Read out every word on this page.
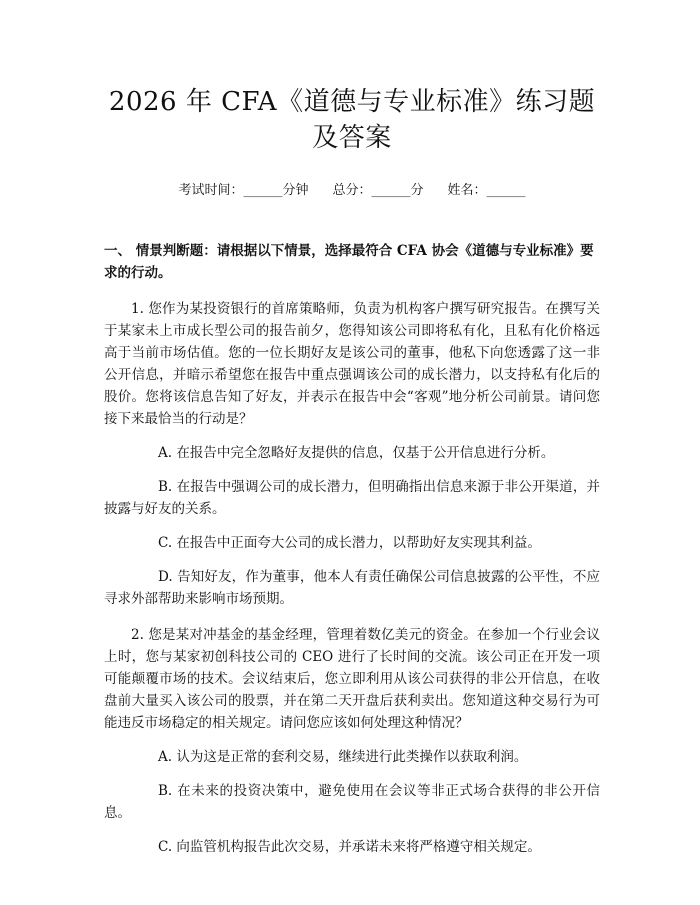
2026 年 CFA《道德与专业标准》练习题及答案
考试时间：______分钟 总分：______分 姓名：______
一、 情景判断题：请根据以下情景，选择最符合 CFA 协会《道德与专业标准》要求的行动。

1. 您作为某投资银行的首席策略师，负责为机构客户撰写研究报告。在撰写关于某家未上市成长型公司的报告前夕，您得知该公司即将私有化，且私有化价格远高于当前市场估值。您的一位长期好友是该公司的董事，他私下向您透露了这一非公开信息，并暗示希望您在报告中重点强调该公司的成长潜力，以支持私有化后的股价。您将该信息告知了好友，并表示在报告中会“客观”地分析公司前景。请问您接下来最恰当的行动是？

A. 在报告中完全忽略好友提供的信息，仅基于公开信息进行分析。

B. 在报告中强调公司的成长潜力，但明确指出信息来源于非公开渠道，并披露与好友的关系。

C. 在报告中正面夸大公司的成长潜力，以帮助好友实现其利益。

D. 告知好友，作为董事，他本人有责任确保公司信息披露的公平性，不应寻求外部帮助来影响市场预期。

2. 您是某对冲基金的基金经理，管理着数亿美元的资金。在参加一个行业会议上时，您与某家初创科技公司的 CEO 进行了长时间的交流。该公司正在开发一项可能颠覆市场的技术。会议结束后，您立即利用从该公司获得的非公开信息，在收盘前大量买入该公司的股票，并在第二天开盘后获利卖出。您知道这种交易行为可能违反市场稳定的相关规定。请问您应该如何处理这种情况？

A. 认为这是正常的套利交易，继续进行此类操作以获取利润。

B. 在未来的投资决策中，避免使用在会议等非正式场合获得的非公开信息。

C. 向监管机构报告此次交易，并承诺未来将严格遵守相关规定。
